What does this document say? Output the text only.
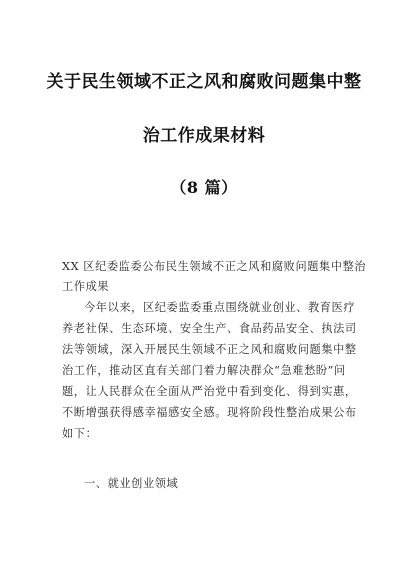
关于民生领域不正之风和腐败问题集中整
治工作成果材料
（8 篇）
XX 区纪委监委公布民生领域不正之风和腐败问题集中整治
工作成果
今年以来，区纪委监委重点围绕就业创业、教育医疗
养老社保、生态环境、安全生产、食品药品安全、执法司
法等领域，深入开展民生领域不正之风和腐败问题集中整
治工作，推动区直有关部门着力解决群众“急难愁盼”问
题，让人民群众在全面从严治党中看到变化、得到实惠，
不断增强获得感幸福感安全感。现将阶段性整治成果公布
如下：
一、就业创业领域
